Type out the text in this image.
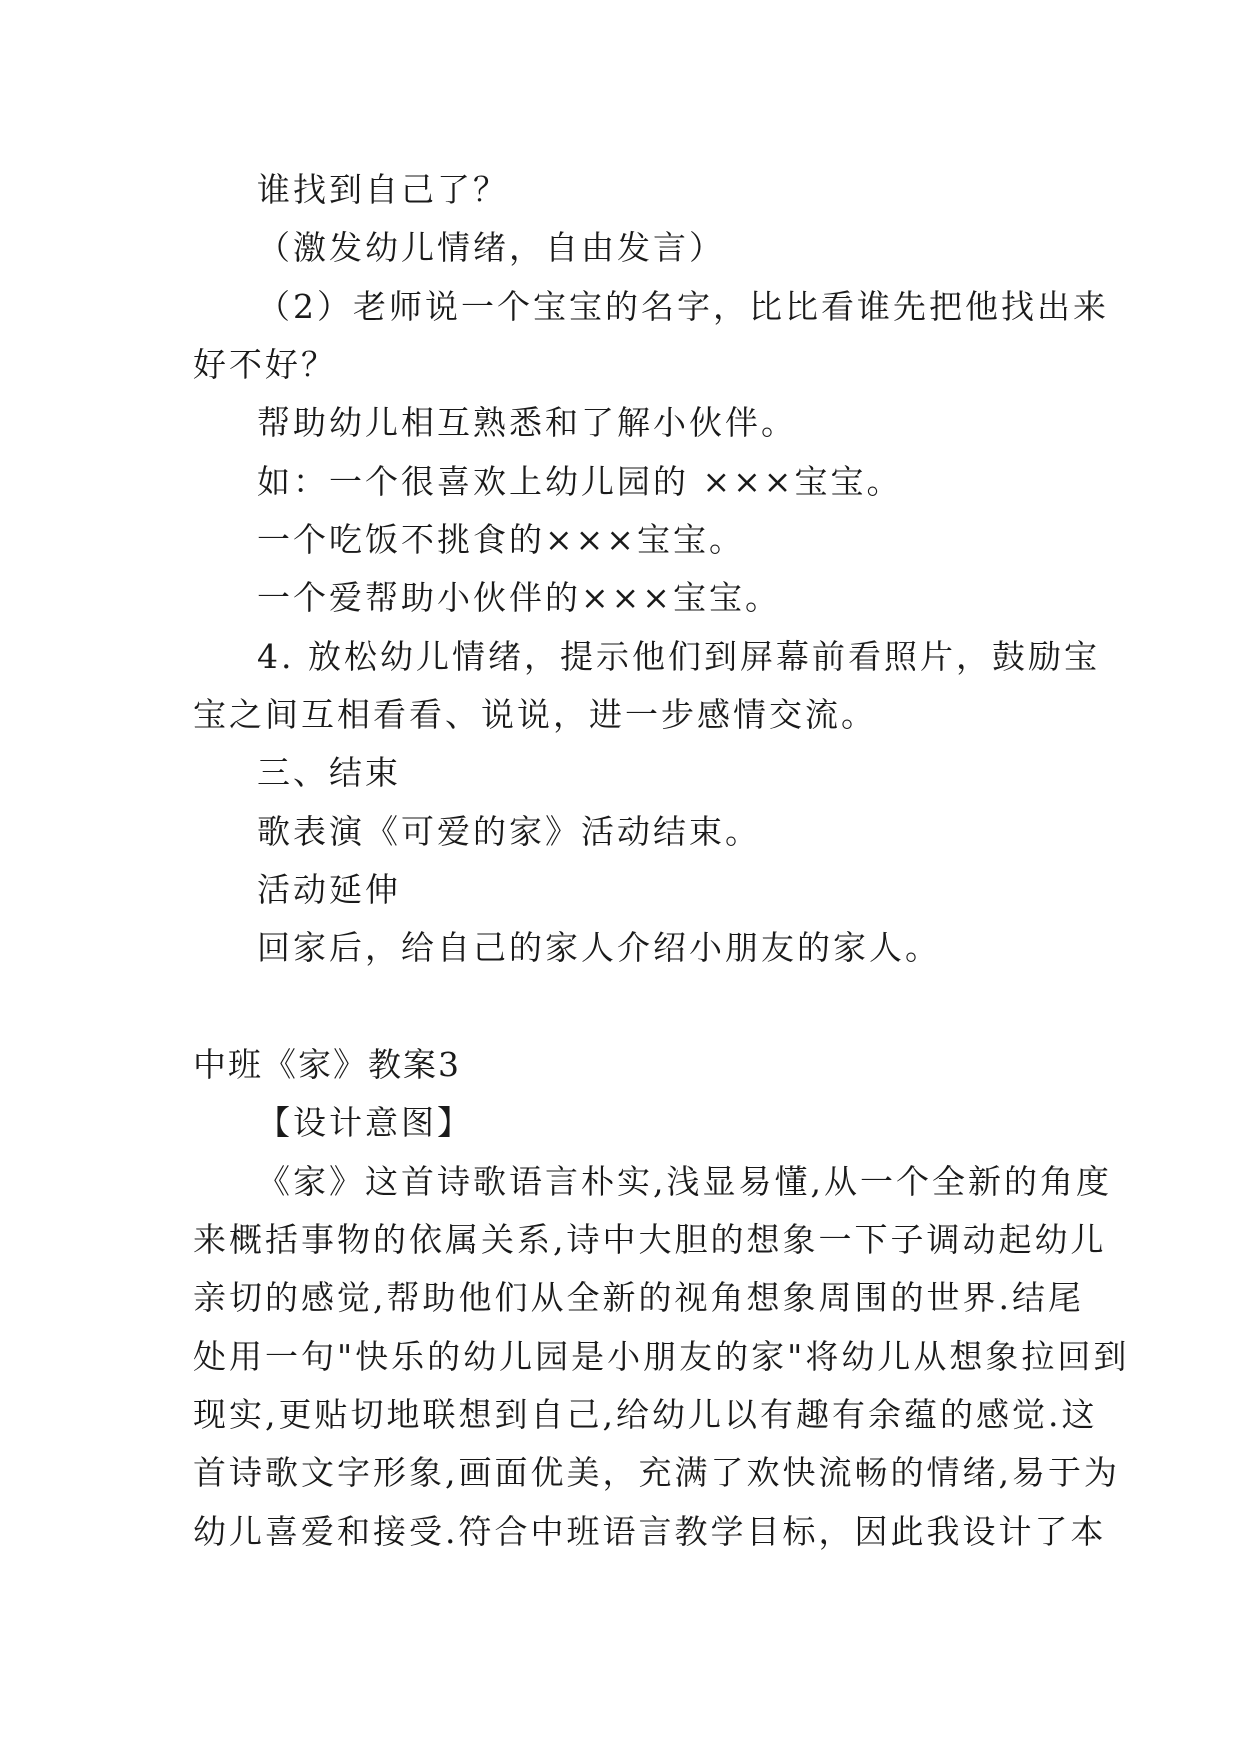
谁找到自己了？
（激发幼儿情绪，自由发言）
（2）老师说一个宝宝的名字，比比看谁先把他找出来
好不好？
帮助幼儿相互熟悉和了解小伙伴。
如：一个很喜欢上幼儿园的 ×××宝宝。
一个吃饭不挑食的×××宝宝。
一个爱帮助小伙伴的×××宝宝。
4. 放松幼儿情绪，提示他们到屏幕前看照片，鼓励宝
宝之间互相看看、说说，进一步感情交流。
三、结束
歌表演《可爱的家》活动结束。
活动延伸
回家后，给自己的家人介绍小朋友的家人。
中班《家》教案3
【设计意图】
《家》这首诗歌语言朴实,浅显易懂,从一个全新的角度
来概括事物的依属关系,诗中大胆的想象一下子调动起幼儿
亲切的感觉,帮助他们从全新的视角想象周围的世界.结尾
处用一句"快乐的幼儿园是小朋友的家"将幼儿从想象拉回到
现实,更贴切地联想到自己,给幼儿以有趣有余蕴的感觉.这
首诗歌文字形象,画面优美，充满了欢快流畅的情绪,易于为
幼儿喜爱和接受.符合中班语言教学目标，因此我设计了本
